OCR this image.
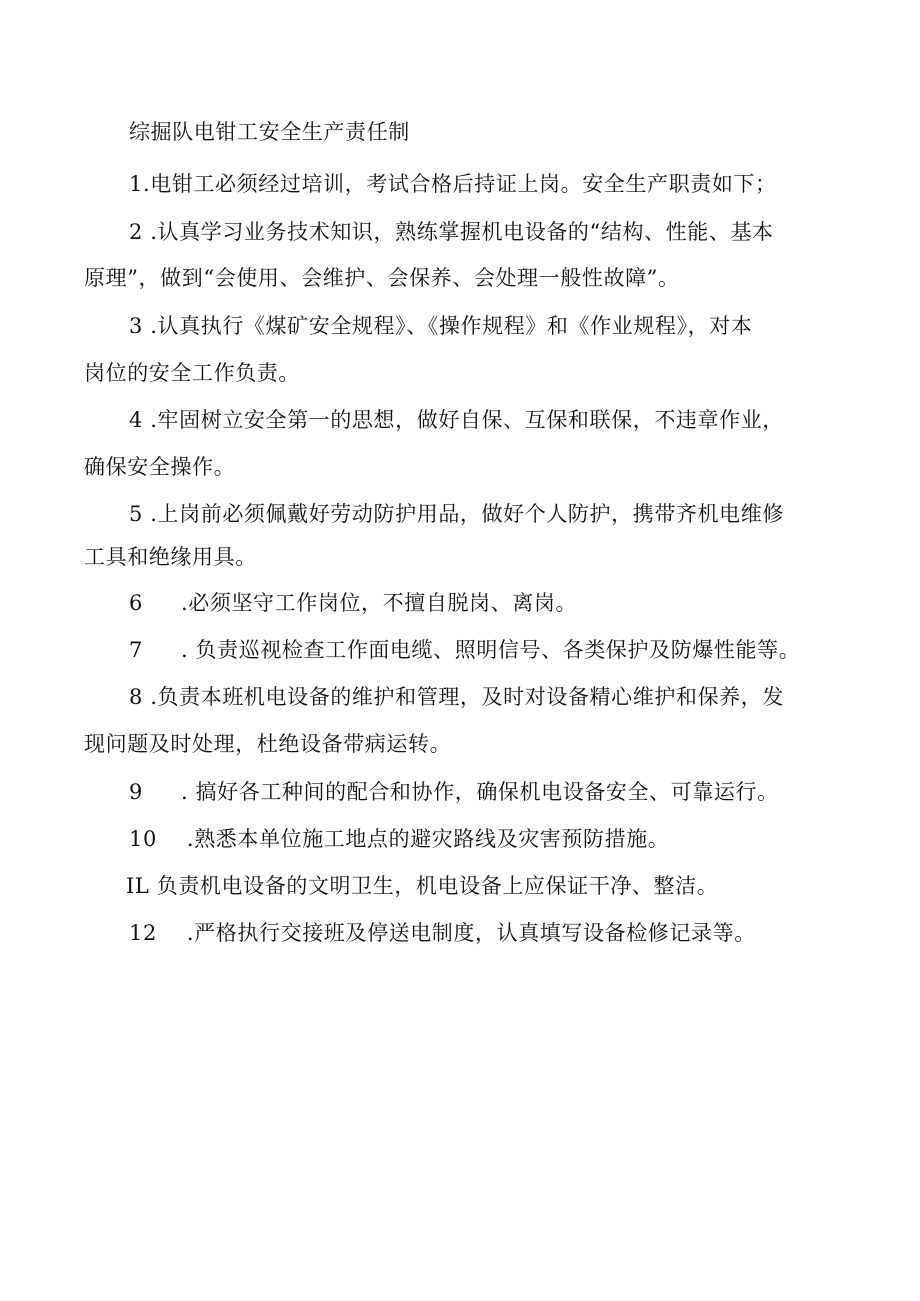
综掘队电钳工安全生产责任制
1.电钳工必须经过培训，考试合格后持证上岗。安全生产职责如下；
2 .认真学习业务技术知识，熟练掌握机电设备的“结构、性能、基本
原理”，做到“会使用、会维护、会保养、会处理一般性故障”。
3 .认真执行《煤矿安全规程》、《操作规程》和《作业规程》，对本
岗位的安全工作负责。
4 .牢固树立安全第一的思想，做好自保、互保和联保，不违章作业，
确保安全操作。
5 .上岗前必须佩戴好劳动防护用品，做好个人防护，携带齐机电维修
工具和绝缘用具。
6 .必须坚守工作岗位，不擅自脱岗、离岗。
7 . 负责巡视检查工作面电缆、照明信号、各类保护及防爆性能等。
8 .负责本班机电设备的维护和管理，及时对设备精心维护和保养，发
现问题及时处理，杜绝设备带病运转。
9 . 搞好各工种间的配合和协作，确保机电设备安全、可靠运行。
10 .熟悉本单位施工地点的避灾路线及灾害预防措施。
IL 负责机电设备的文明卫生，机电设备上应保证干净、整洁。
12 .严格执行交接班及停送电制度，认真填写设备检修记录等。
